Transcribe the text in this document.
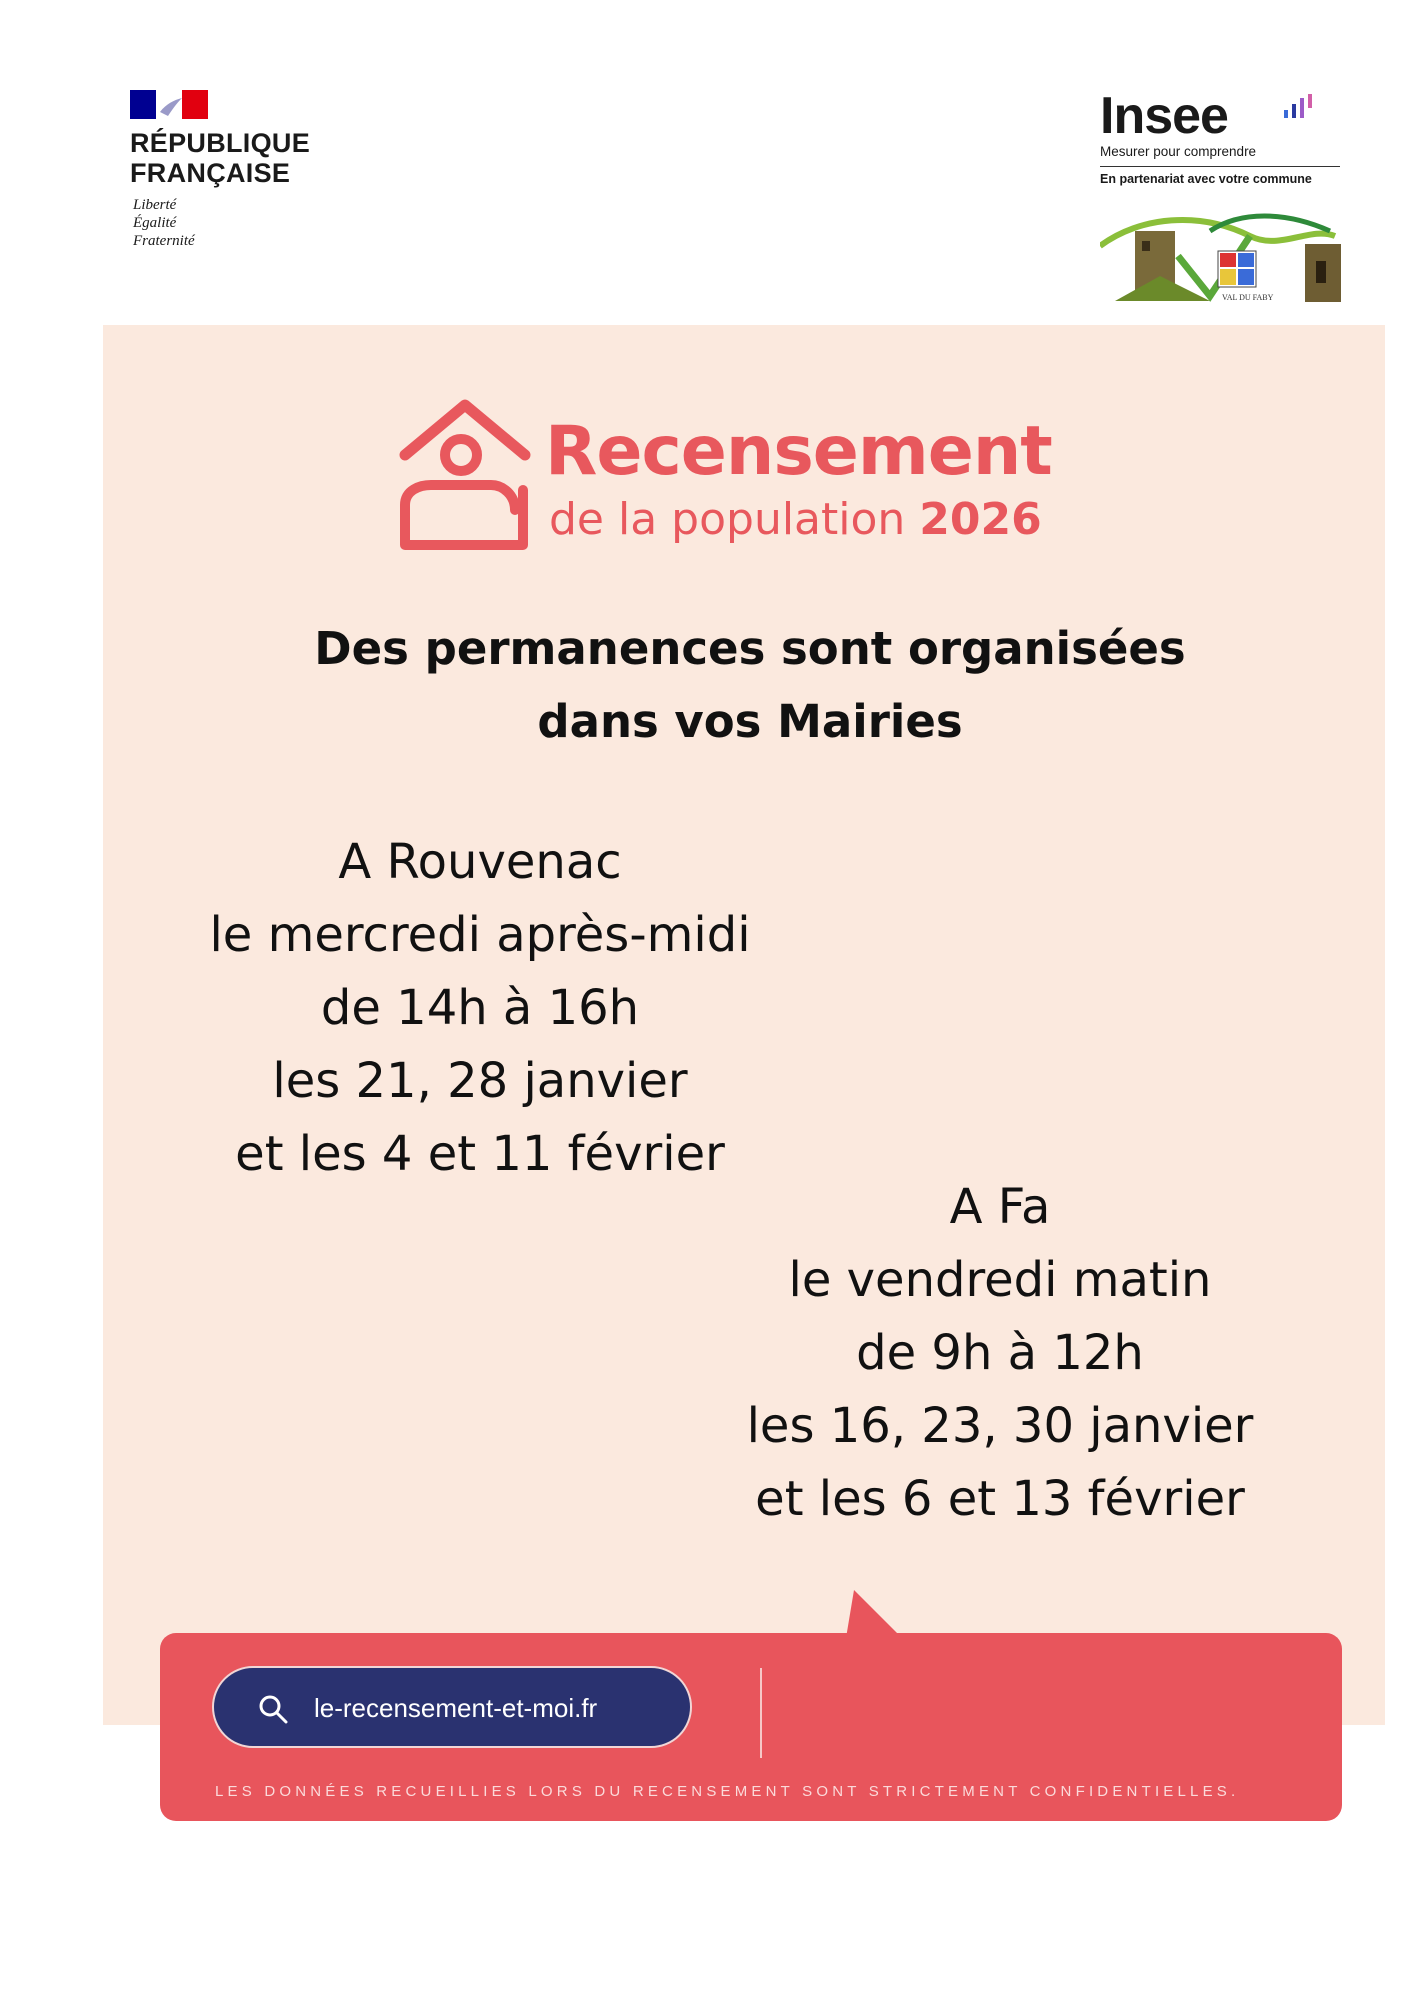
RÉPUBLIQUE
FRANÇAISE
Liberté
Égalité
Fraternité
Insee
Mesurer pour comprendre
En partenariat avec votre commune
VAL DU FABY
Recensement
de la population 2026
Des permanences sont organisées
dans vos Mairies
A Rouvenac
le mercredi après-midi
de 14h à 16h
les 21, 28 janvier
et les 4 et 11 février
A Fa
le vendredi matin
de 9h à 12h
les 16, 23, 30 janvier
et les 6 et 13 février
le-recensement-et-moi.fr
LES DONNÉES RECUEILLIES LORS DU RECENSEMENT SONT STRICTEMENT CONFIDENTIELLES.
